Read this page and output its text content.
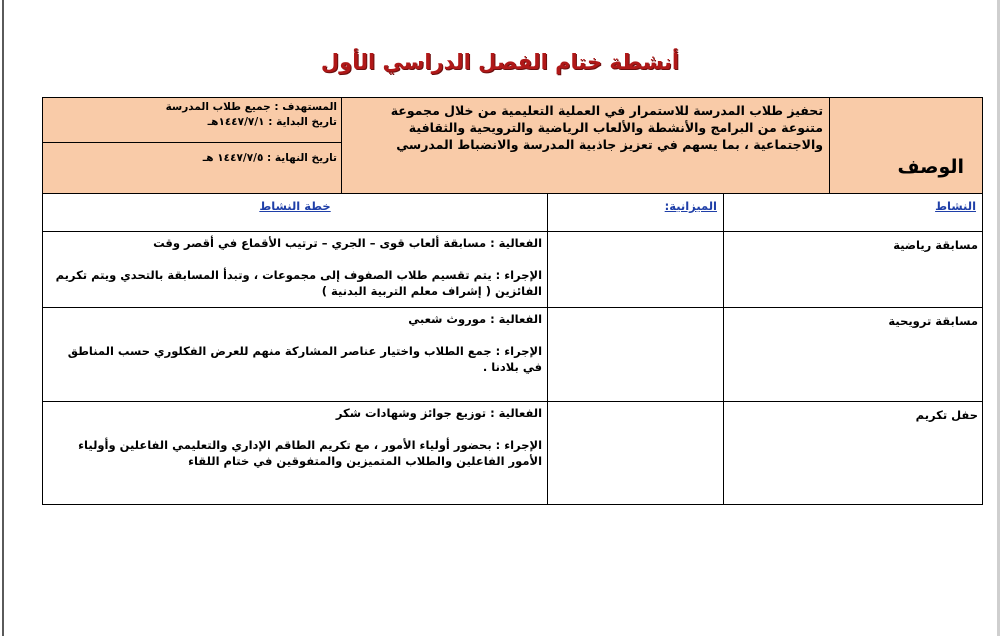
أنشطة ختام الفصل الدراسي الأول
الوصف	تحفيز طلاب المدرسة للاستمرار في العملية التعليمية من خلال مجموعة متنوعة من البرامج والأنشطة والألعاب الرياضية والترويحية والثقافية والاجتماعية ، بما يسهم في تعزيز جاذبية المدرسة والانضباط المدرسي			المستهدف : جميع طلاب المدرسة
تاريخ البداية : ١٤٤٧/٧/١هـ
تاريخ النهاية : ١٤٤٧/٧/٥ هـ

النشاط		الميزانية:	خطة النشاط	
مسابقة رياضية			الفعالية : مسابقة ألعاب قوى – الجري – ترتيب الأقماع في أقصر وقت
الإجراء : يتم تقسيم طلاب الصفوف إلى مجموعات ، وتبدأ المسابقة بالتحدي ويتم تكريم الفائزين ( إشراف معلم التربية البدنية )	

مسابقة ترويحية			الفعالية : موروث شعبي
الإجراء : جمع الطلاب واختيار عناصر المشاركة منهم للعرض الفكلوري حسب المناطق في بلادنا .	

حفل تكريم			الفعالية : توزيع جوائز وشهادات شكر
الإجراء : بحضور أولياء الأمور ، مع تكريم الطاقم الإداري والتعليمي الفاعلين وأولياء الأمور الفاعلين والطلاب المتميزين والمتفوقين في ختام اللقاء	
